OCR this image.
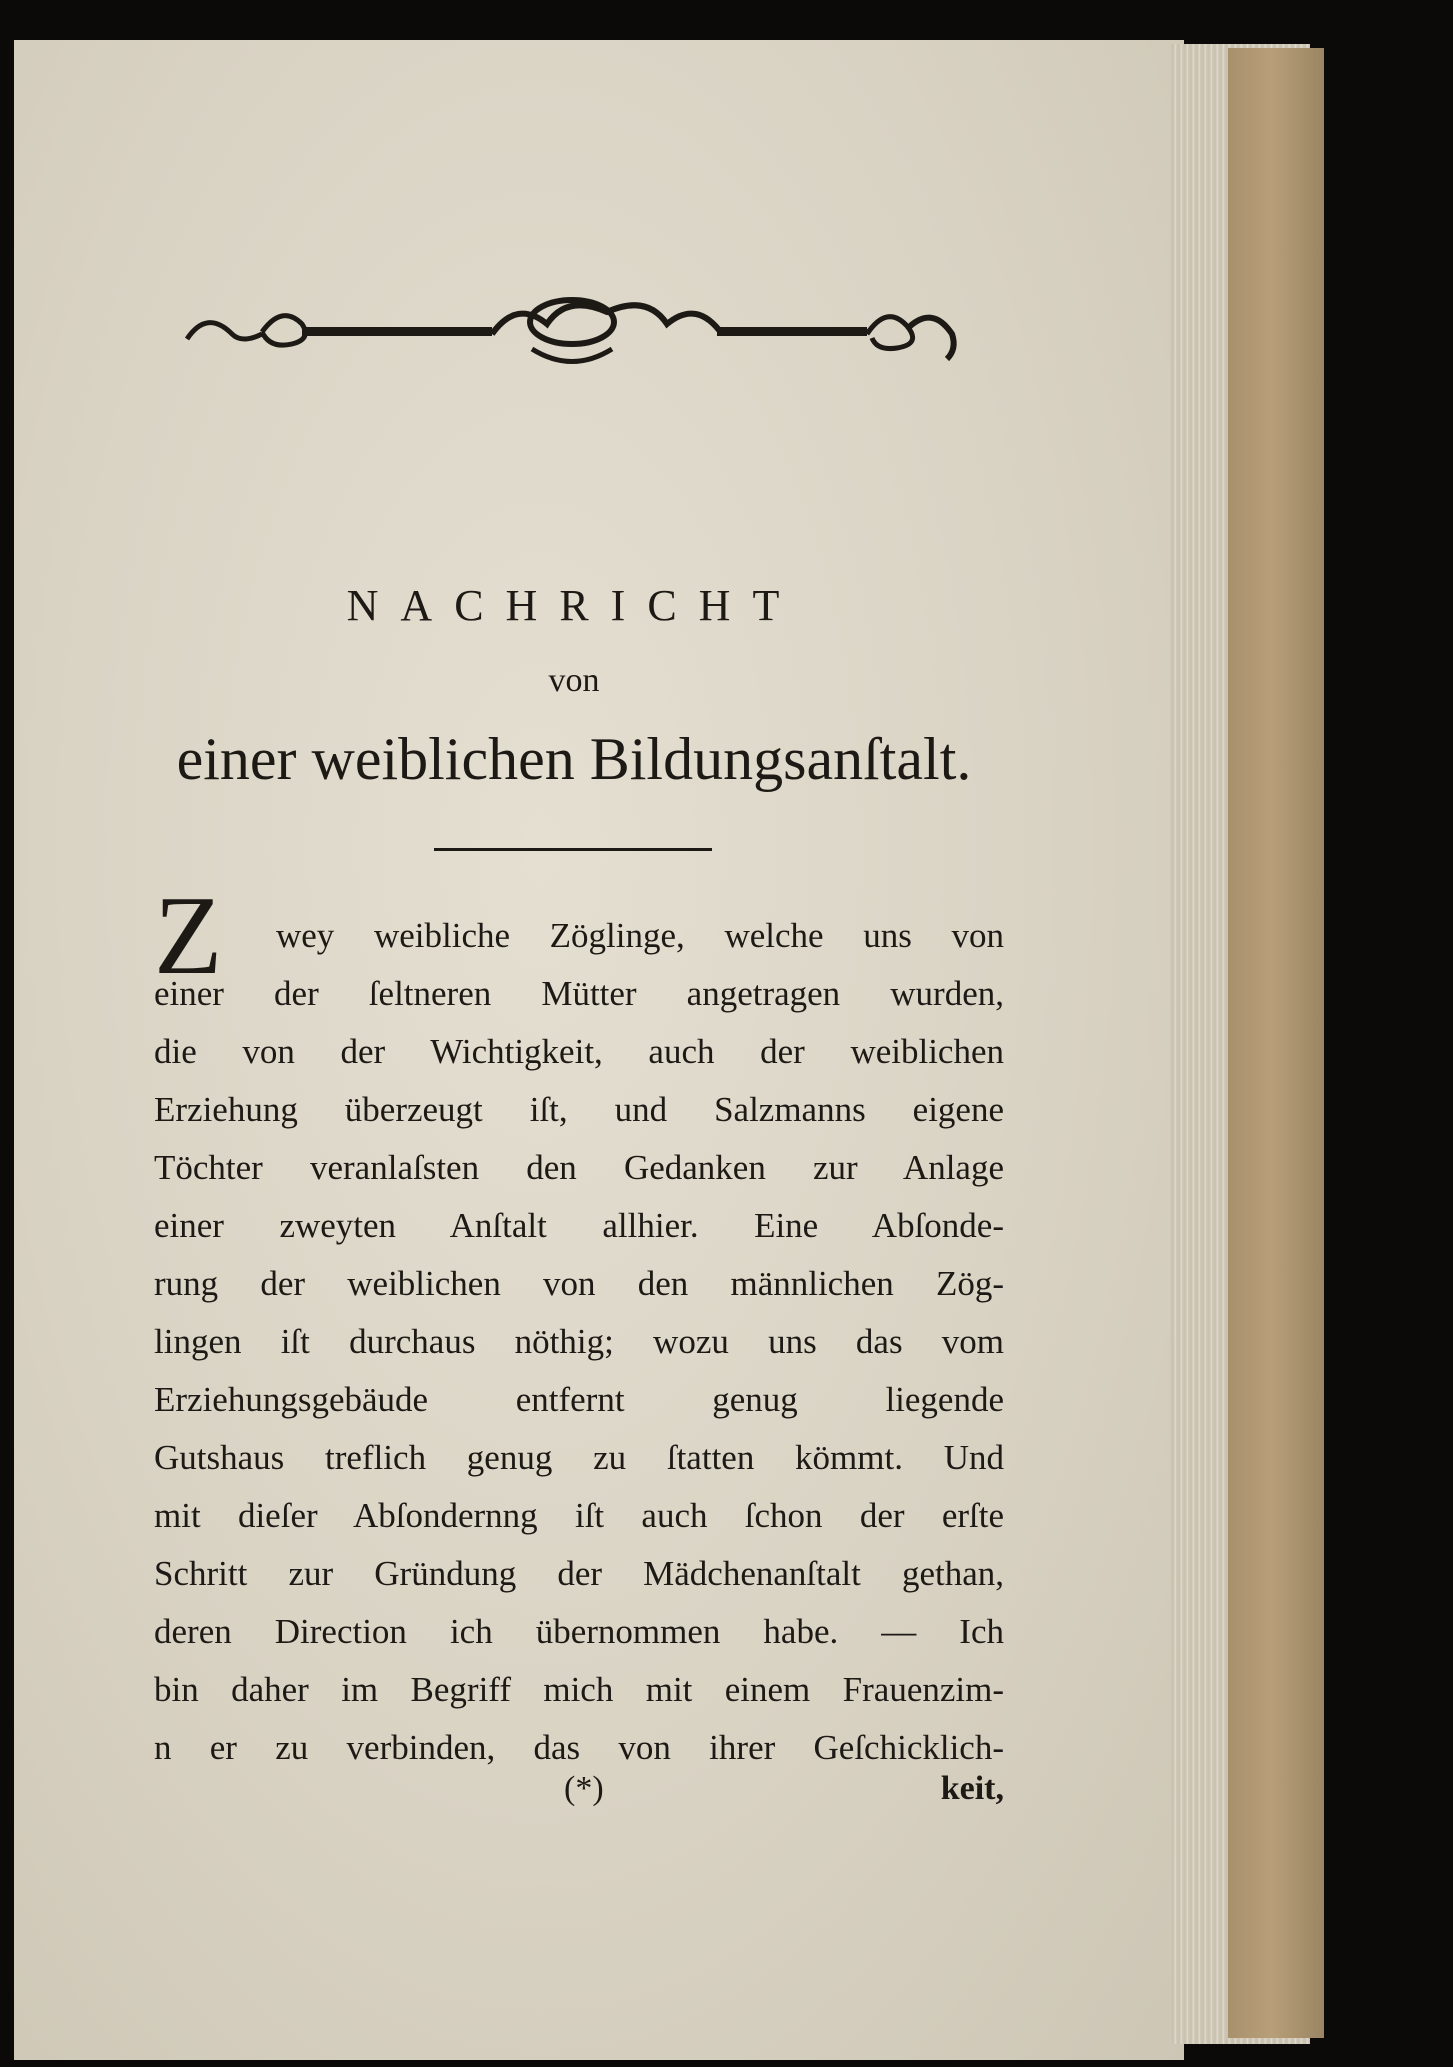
NACHRICHT
von
einer weiblichen Bildungsanſtalt.
Z wey weibliche Zöglinge, welche uns von
einer der ſeltneren Mütter angetragen wurden,
die von der Wichtigkeit, auch der weiblichen
Erziehung überzeugt iſt, und Salzmanns eigene
Töchter veranlaſsten den Gedanken zur Anlage
einer zweyten Anſtalt allhier. Eine Abſonde-
rung der weiblichen von den männlichen Zög-
lingen iſt durchaus nöthig; wozu uns das vom
Erziehungsgebäude entfernt genug liegende
Gutshaus treflich genug zu ſtatten kömmt. Und
mit dieſer Abſondernng iſt auch ſchon der erſte
Schritt zur Gründung der Mädchenanſtalt gethan,
deren Direction ich übernommen habe. — Ich
bin daher im Begriff mich mit einem Frauenzim-
n er zu verbinden, das von ihrer Geſchicklich-
(*)	keit,
